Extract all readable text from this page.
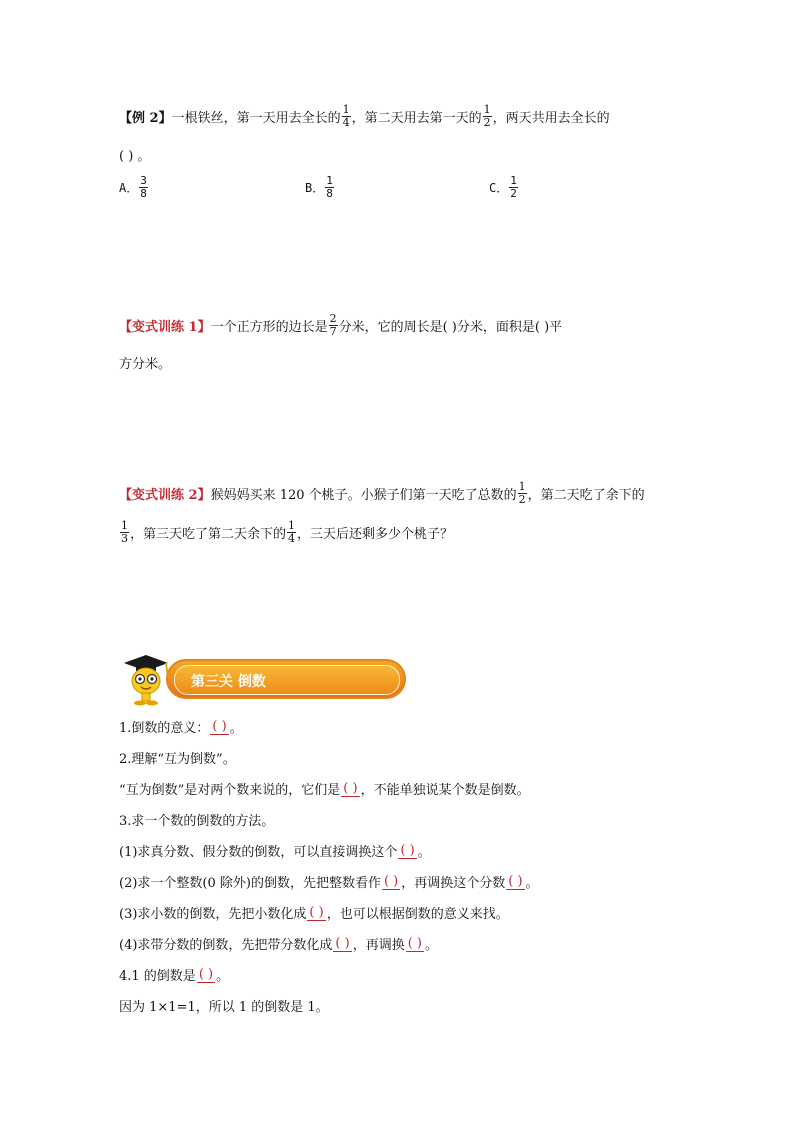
【例 2】 一根铁丝，第一天用去全长的 $\frac{1}{4}$ ，第二天用去第一天的 $\frac{1}{2}$ ，两天共用去全长的
( ) 。
A． $\frac{3}{8}$	B． $\frac{1}{8}$	C． $\frac{1}{2}$
【变式训练 1】 一个正方形的边长是 $\frac{2}{7}$ 分米，它的周长是( )分米，面积是( )平
方分米。
【变式训练 2】 猴妈妈买来 120 个桃子。小猴子们第一天吃了总数的 $\frac{1}{2}$ ，第二天吃了余下的
$\frac{1}{3}$ ，第三天吃了第二天余下的 $\frac{1}{4}$ ，三天后还剩多少个桃子？
第三关 倒数
1.倒数的意义： ( ) 。
2.理解“互为倒数”。
“互为倒数”是对两个数来说的，它们是 ( ) ，不能单独说某个数是倒数。
3.求一个数的倒数的方法。
(1)求真分数、假分数的倒数，可以直接调换这个 ( ) 。
(2)求一个整数(0 除外)的倒数，先把整数看作 ( ) ，再调换这个分数 ( ) 。
(3)求小数的倒数，先把小数化成 ( ) ，也可以根据倒数的意义来找。
(4)求带分数的倒数，先把带分数化成 ( ) ，再调换 ( ) 。
4.1 的倒数是 ( ) 。
因为 1×1=1，所以 1 的倒数是 1。
